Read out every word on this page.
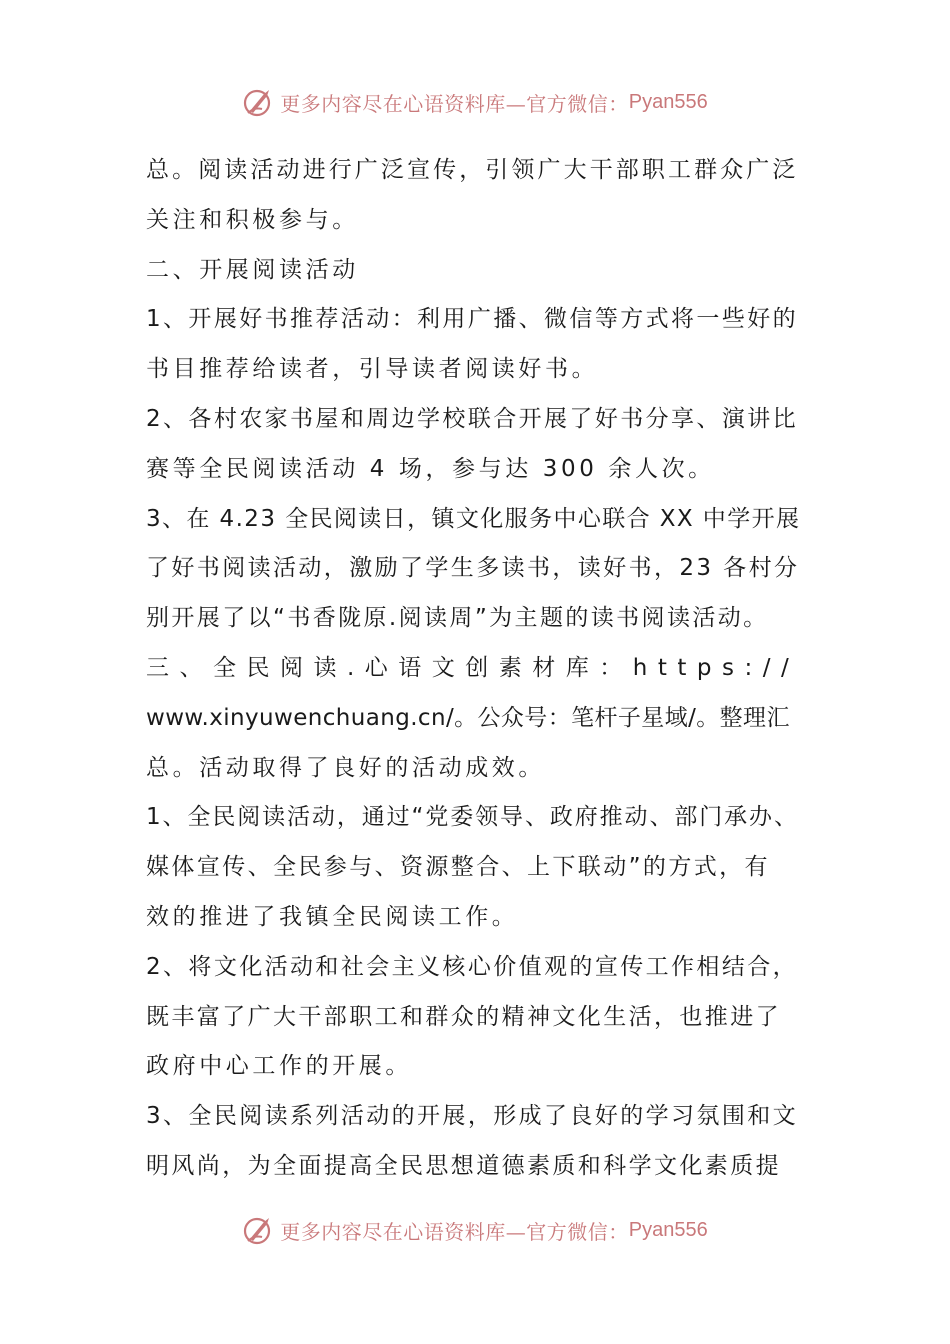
更多内容尽在心语资料库—官方微信： Pyan556
总。阅读活动进行广泛宣传，引领广大干部职工群众广泛
关注和积极参与。
二、开展阅读活动
1、开展好书推荐活动：利用广播、微信等方式将一些好的
书目推荐给读者，引导读者阅读好书。
2、各村农家书屋和周边学校联合开展了好书分享、演讲比
赛等全民阅读活动 4 场，参与达 300 余人次。
3、在 4.23 全民阅读日，镇文化服务中心联合 XX 中学开展
了好书阅读活动，激励了学生多读书，读好书，23 各村分
别开展了以“书香陇原.阅读周”为主题的读书阅读活动。
三、全民阅读.心语文创素材库：https://
www.xinyuwenchuang.cn/。公众号：笔杆子星域/。整理汇
总。活动取得了良好的活动成效。
1、全民阅读活动，通过“党委领导、政府推动、部门承办、
媒体宣传、全民参与、资源整合、上下联动”的方式，有
效的推进了我镇全民阅读工作。
2、将文化活动和社会主义核心价值观的宣传工作相结合，
既丰富了广大干部职工和群众的精神文化生活，也推进了
政府中心工作的开展。
3、全民阅读系列活动的开展，形成了良好的学习氛围和文
明风尚，为全面提高全民思想道德素质和科学文化素质提
更多内容尽在心语资料库—官方微信： Pyan556
